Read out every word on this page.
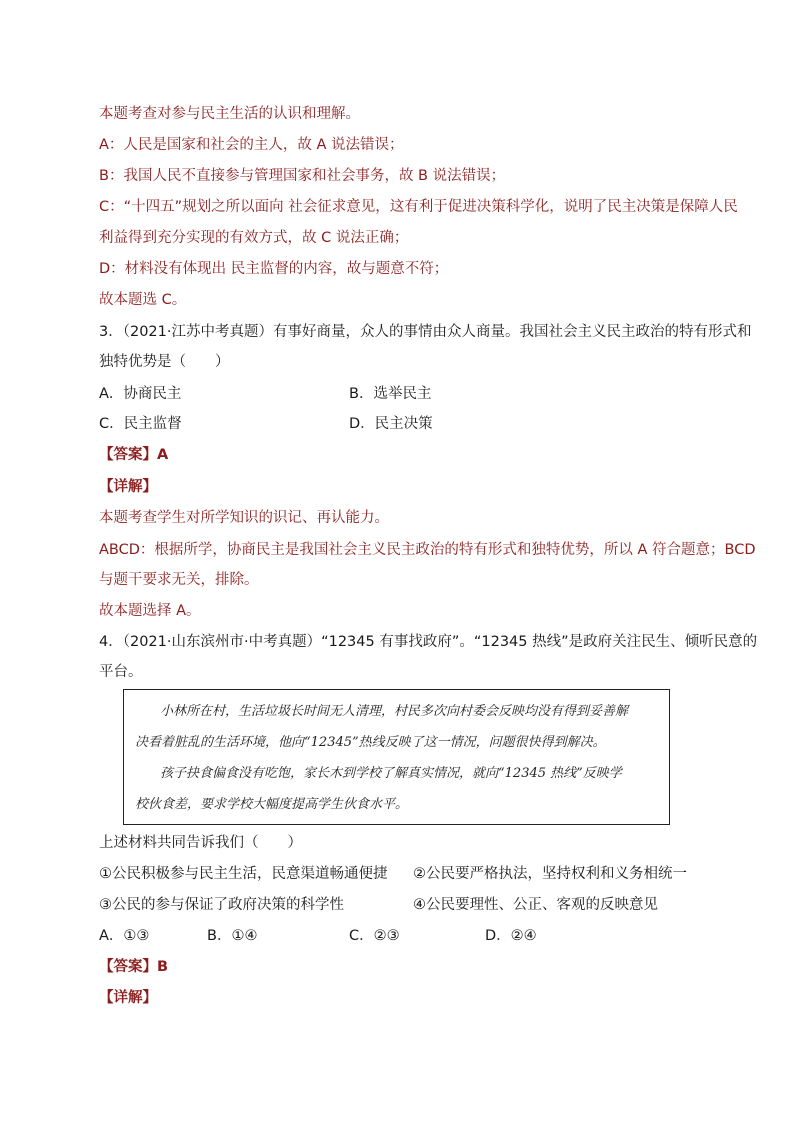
本题考查对参与民主生活的认识和理解。
A：人民是国家和社会的主人，故 A 说法错误；
B：我国人民不直接参与管理国家和社会事务，故 B 说法错误；
C：“十四五”规划之所以面向 社会征求意见，这有利于促进决策科学化，说明了民主决策是保障人民
利益得到充分实现的有效方式，故 C 说法正确；
D：材料没有体现出 民主监督的内容，故与题意不符；
故本题选 C。
3．（2021·江苏中考真题）有事好商量，众人的事情由众人商量。我国社会主义民主政治的特有形式和
独特优势是（　　）
A．协商民主	B．选举民主
C．民主监督	D．民主决策
【答案】A
【详解】
本题考查学生对所学知识的识记、再认能力。
ABCD：根据所学，协商民主是我国社会主义民主政治的特有形式和独特优势，所以 A 符合题意；BCD
与题干要求无关，排除。
故本题选择 A。
4．（2021·山东滨州市·中考真题）“12345 有事找政府”。“12345 热线”是政府关注民生、倾听民意的
平台。
小林所在村，生活垃圾长时间无人清理，村民多次向村委会反映均没有得到妥善解
决看着脏乱的生活环境，他向“12345”热线反映了这一情况，问题很快得到解决。
孩子抉食偏食没有吃饱，家长木到学校了解真实情况，就向“12345 热线”反映学
校伙食差，要求学校大幅度提高学生伙食水平。
上述材料共同告诉我们（　　）
①公民积极参与民主生活，民意渠道畅通便捷 ②公民要严格执法，坚持权利和义务相统一
③公民的参与保证了政府决策的科学性	④公民要理性、公正、客观的反映意见
A．①③	B．①④	C．②③	D．②④
【答案】B
【详解】
